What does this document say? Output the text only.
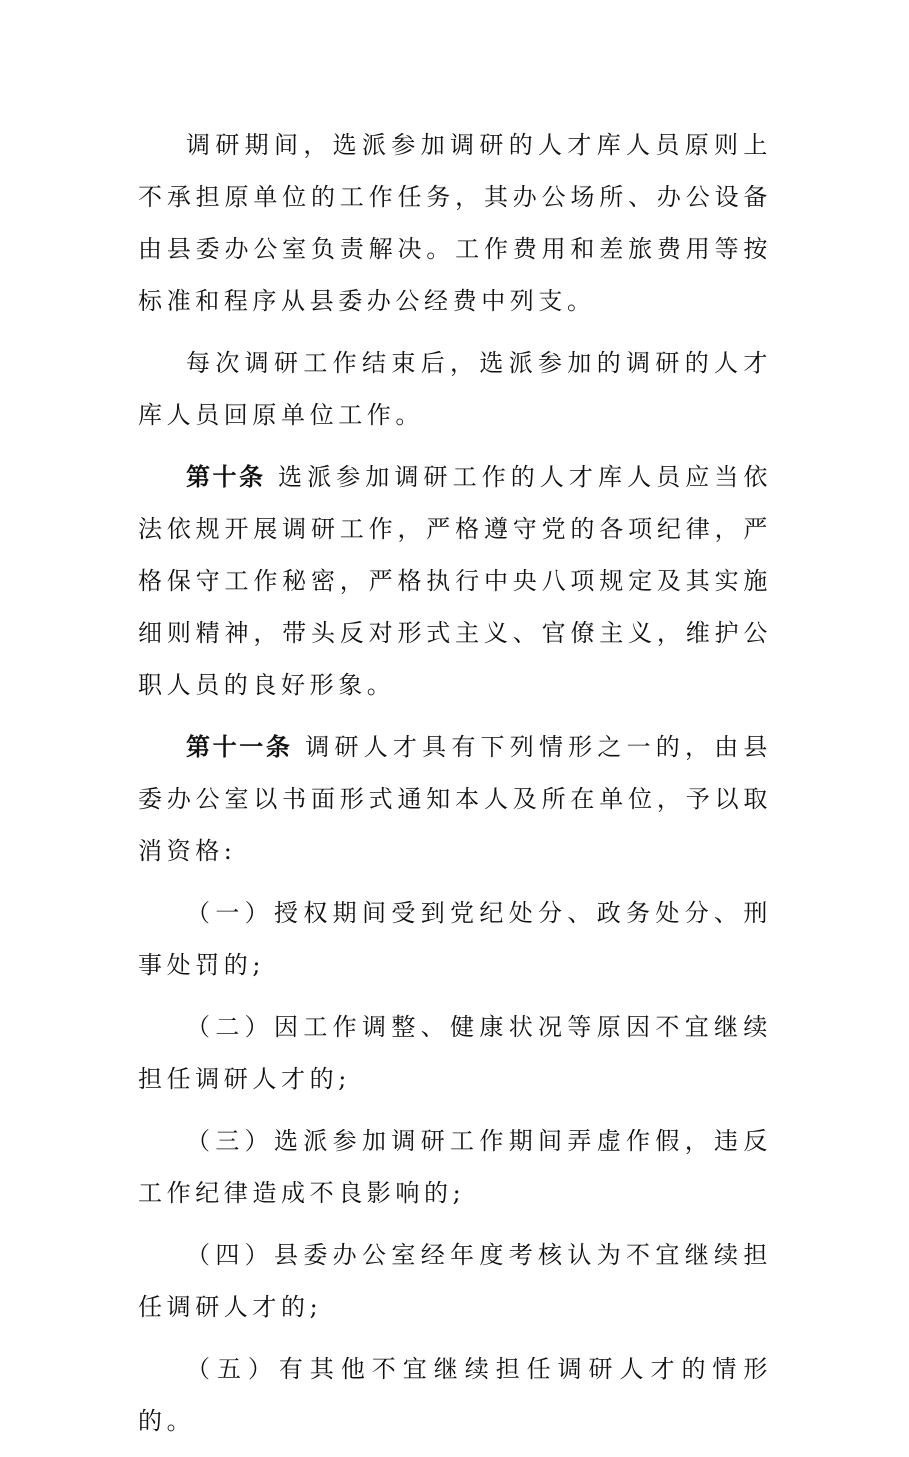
调研期间，选派参加调研的人才库人员原则上不承担原单位的工作任务，其办公场所、办公设备由县委办公室负责解决。工作费用和差旅费用等按标准和程序从县委办公经费中列支。

每次调研工作结束后，选派参加的调研的人才库人员回原单位工作。

第十条 选派参加调研工作的人才库人员应当依法依规开展调研工作，严格遵守党的各项纪律，严格保守工作秘密，严格执行中央八项规定及其实施细则精神，带头反对形式主义、官僚主义，维护公职人员的良好形象。

第十一条 调研人才具有下列情形之一的，由县委办公室以书面形式通知本人及所在单位，予以取消资格:

（一）授权期间受到党纪处分、政务处分、刑事处罚的;

（二）因工作调整、健康状况等原因不宜继续担任调研人才的;

（三）选派参加调研工作期间弄虚作假，违反工作纪律造成不良影响的;

（四）县委办公室经年度考核认为不宜继续担任调研人才的;

（五）有其他不宜继续担任调研人才的情形的。
